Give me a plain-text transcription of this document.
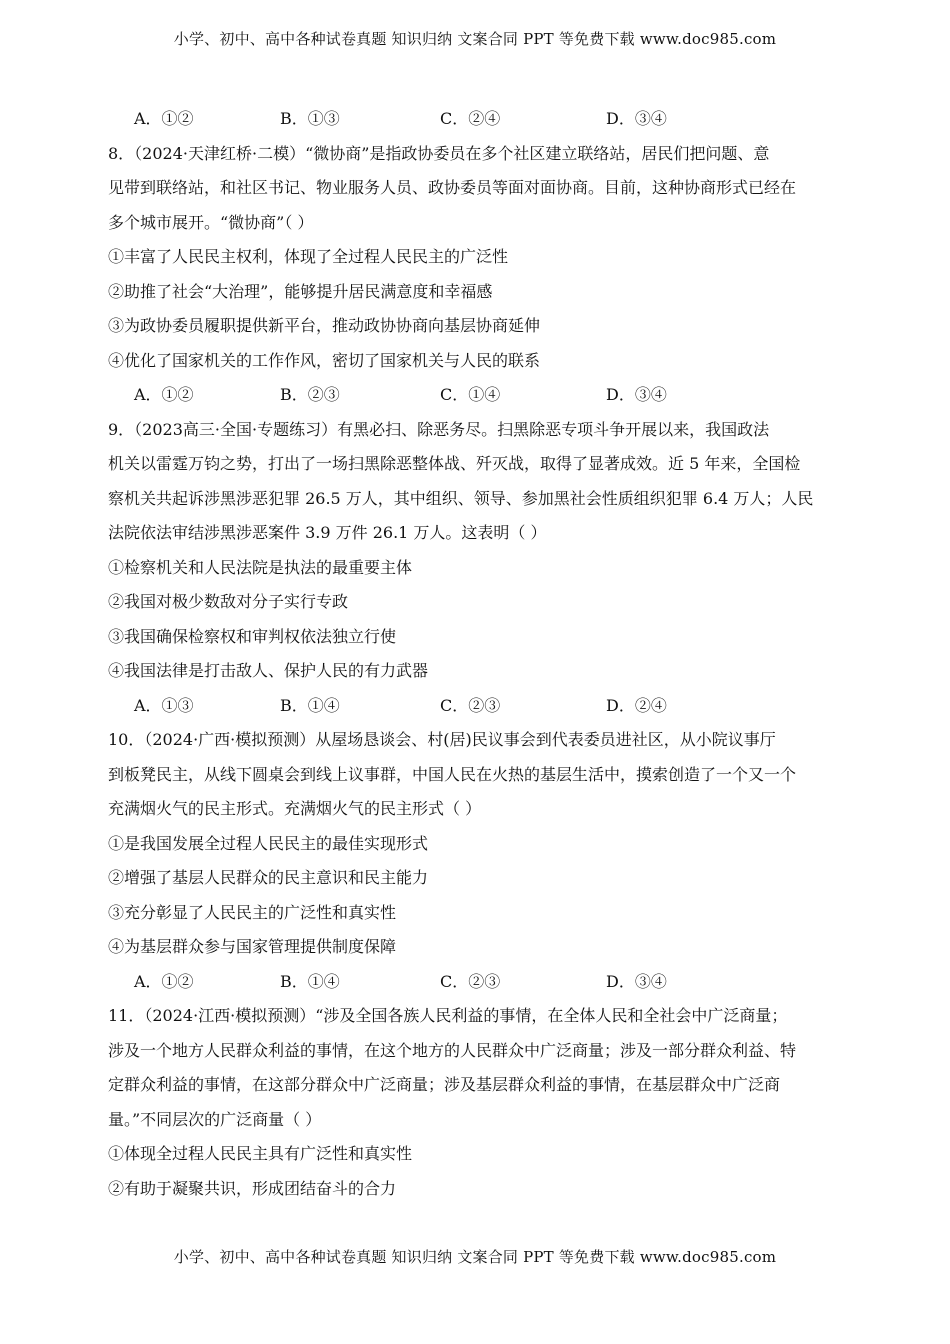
小学、初中、高中各种试卷真题 知识归纳 文案合同 PPT 等免费下载 www.doc985.com
A．①②	B．①③	C．②④	D．③④
8．（2024·天津红桥·二模）“微协商”是指政协委员在多个社区建立联络站，居民们把问题、意
见带到联络站，和社区书记、物业服务人员、政协委员等面对面协商。目前，这种协商形式已经在
多个城市展开。“微协商”（ ）
①丰富了人民民主权利，体现了全过程人民民主的广泛性
②助推了社会“大治理”，能够提升居民满意度和幸福感
③为政协委员履职提供新平台，推动政协协商向基层协商延伸
④优化了国家机关的工作作风，密切了国家机关与人民的联系
A．①②	B．②③	C．①④	D．③④
9．（2023高三·全国·专题练习）有黑必扫、除恶务尽。扫黑除恶专项斗争开展以来，我国政法
机关以雷霆万钧之势，打出了一场扫黑除恶整体战、歼灭战，取得了显著成效。近 5 年来，全国检
察机关共起诉涉黑涉恶犯罪 26.5 万人，其中组织、领导、参加黑社会性质组织犯罪 6.4 万人；人民
法院依法审结涉黑涉恶案件 3.9 万件 26.1 万人。这表明（ ）
①检察机关和人民法院是执法的最重要主体
②我国对极少数敌对分子实行专政
③我国确保检察权和审判权依法独立行使
④我国法律是打击敌人、保护人民的有力武器
A．①③	B．①④	C．②③	D．②④
10．（2024·广西·模拟预测）从屋场恳谈会、村(居)民议事会到代表委员进社区，从小院议事厅
到板凳民主，从线下圆桌会到线上议事群，中国人民在火热的基层生活中，摸索创造了一个又一个
充满烟火气的民主形式。充满烟火气的民主形式（ ）
①是我国发展全过程人民民主的最佳实现形式
②增强了基层人民群众的民主意识和民主能力
③充分彰显了人民民主的广泛性和真实性
④为基层群众参与国家管理提供制度保障
A．①②	B．①④	C．②③	D．③④
11．（2024·江西·模拟预测）“涉及全国各族人民利益的事情，在全体人民和全社会中广泛商量；
涉及一个地方人民群众利益的事情，在这个地方的人民群众中广泛商量；涉及一部分群众利益、特
定群众利益的事情，在这部分群众中广泛商量；涉及基层群众利益的事情，在基层群众中广泛商
量。”不同层次的广泛商量（ ）
①体现全过程人民民主具有广泛性和真实性
②有助于凝聚共识，形成团结奋斗的合力
小学、初中、高中各种试卷真题 知识归纳 文案合同 PPT 等免费下载 www.doc985.com
